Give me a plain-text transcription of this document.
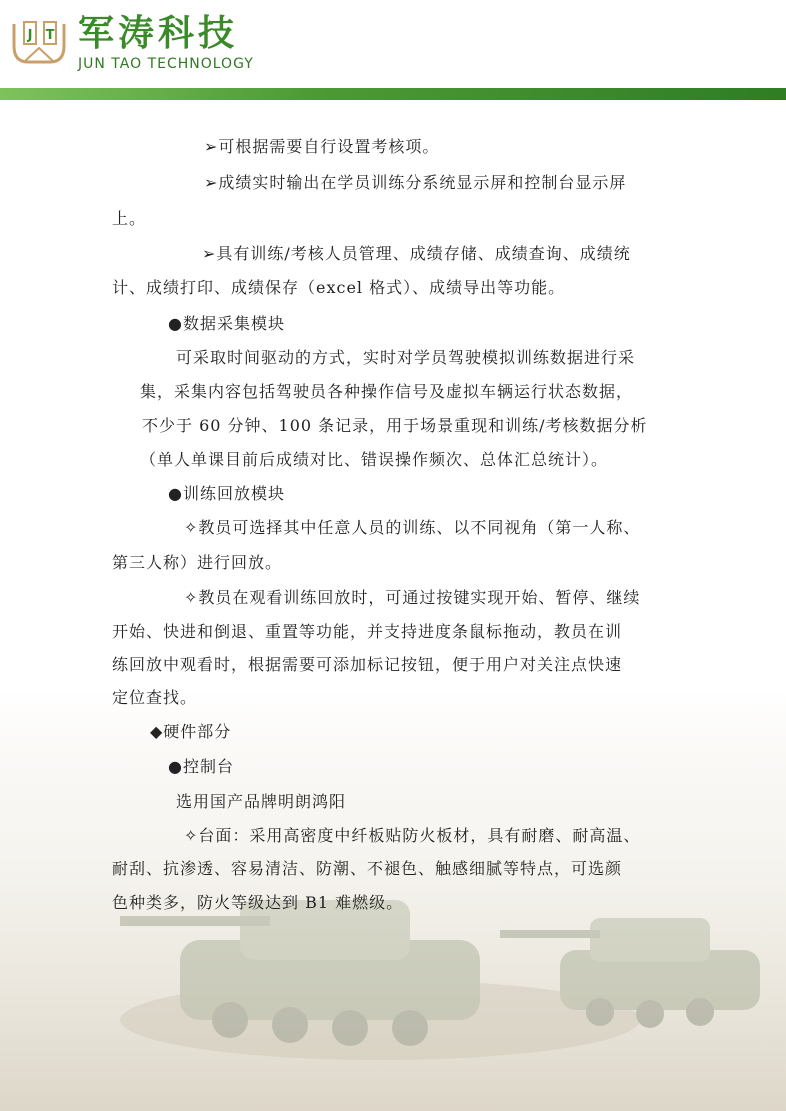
J T 军涛科技
JUN TAO TECHNOLOGY
➢可根据需要自行设置考核项。
➢成绩实时输出在学员训练分系统显示屏和控制台显示屏
上。
➢具有训练/考核人员管理、成绩存储、成绩查询、成绩统
计、成绩打印、成绩保存（excel 格式）、成绩导出等功能。
●数据采集模块
可采取时间驱动的方式，实时对学员驾驶模拟训练数据进行采
集，采集内容包括驾驶员各种操作信号及虚拟车辆运行状态数据，
不少于 60 分钟、100 条记录，用于场景重现和训练/考核数据分析
（单人单课目前后成绩对比、错误操作频次、总体汇总统计）。
●训练回放模块
✧教员可选择其中任意人员的训练、以不同视角（第一人称、
第三人称）进行回放。
✧教员在观看训练回放时，可通过按键实现开始、暂停、继续
开始、快进和倒退、重置等功能，并支持进度条鼠标拖动，教员在训
练回放中观看时，根据需要可添加标记按钮，便于用户对关注点快速
定位查找。
◆硬件部分
●控制台
选用国产品牌明朗鸿阳
✧台面：采用高密度中纤板贴防火板材，具有耐磨、耐高温、
耐刮、抗渗透、容易清洁、防潮、不褪色、触感细腻等特点，可选颜
色种类多，防火等级达到 B1 难燃级。
